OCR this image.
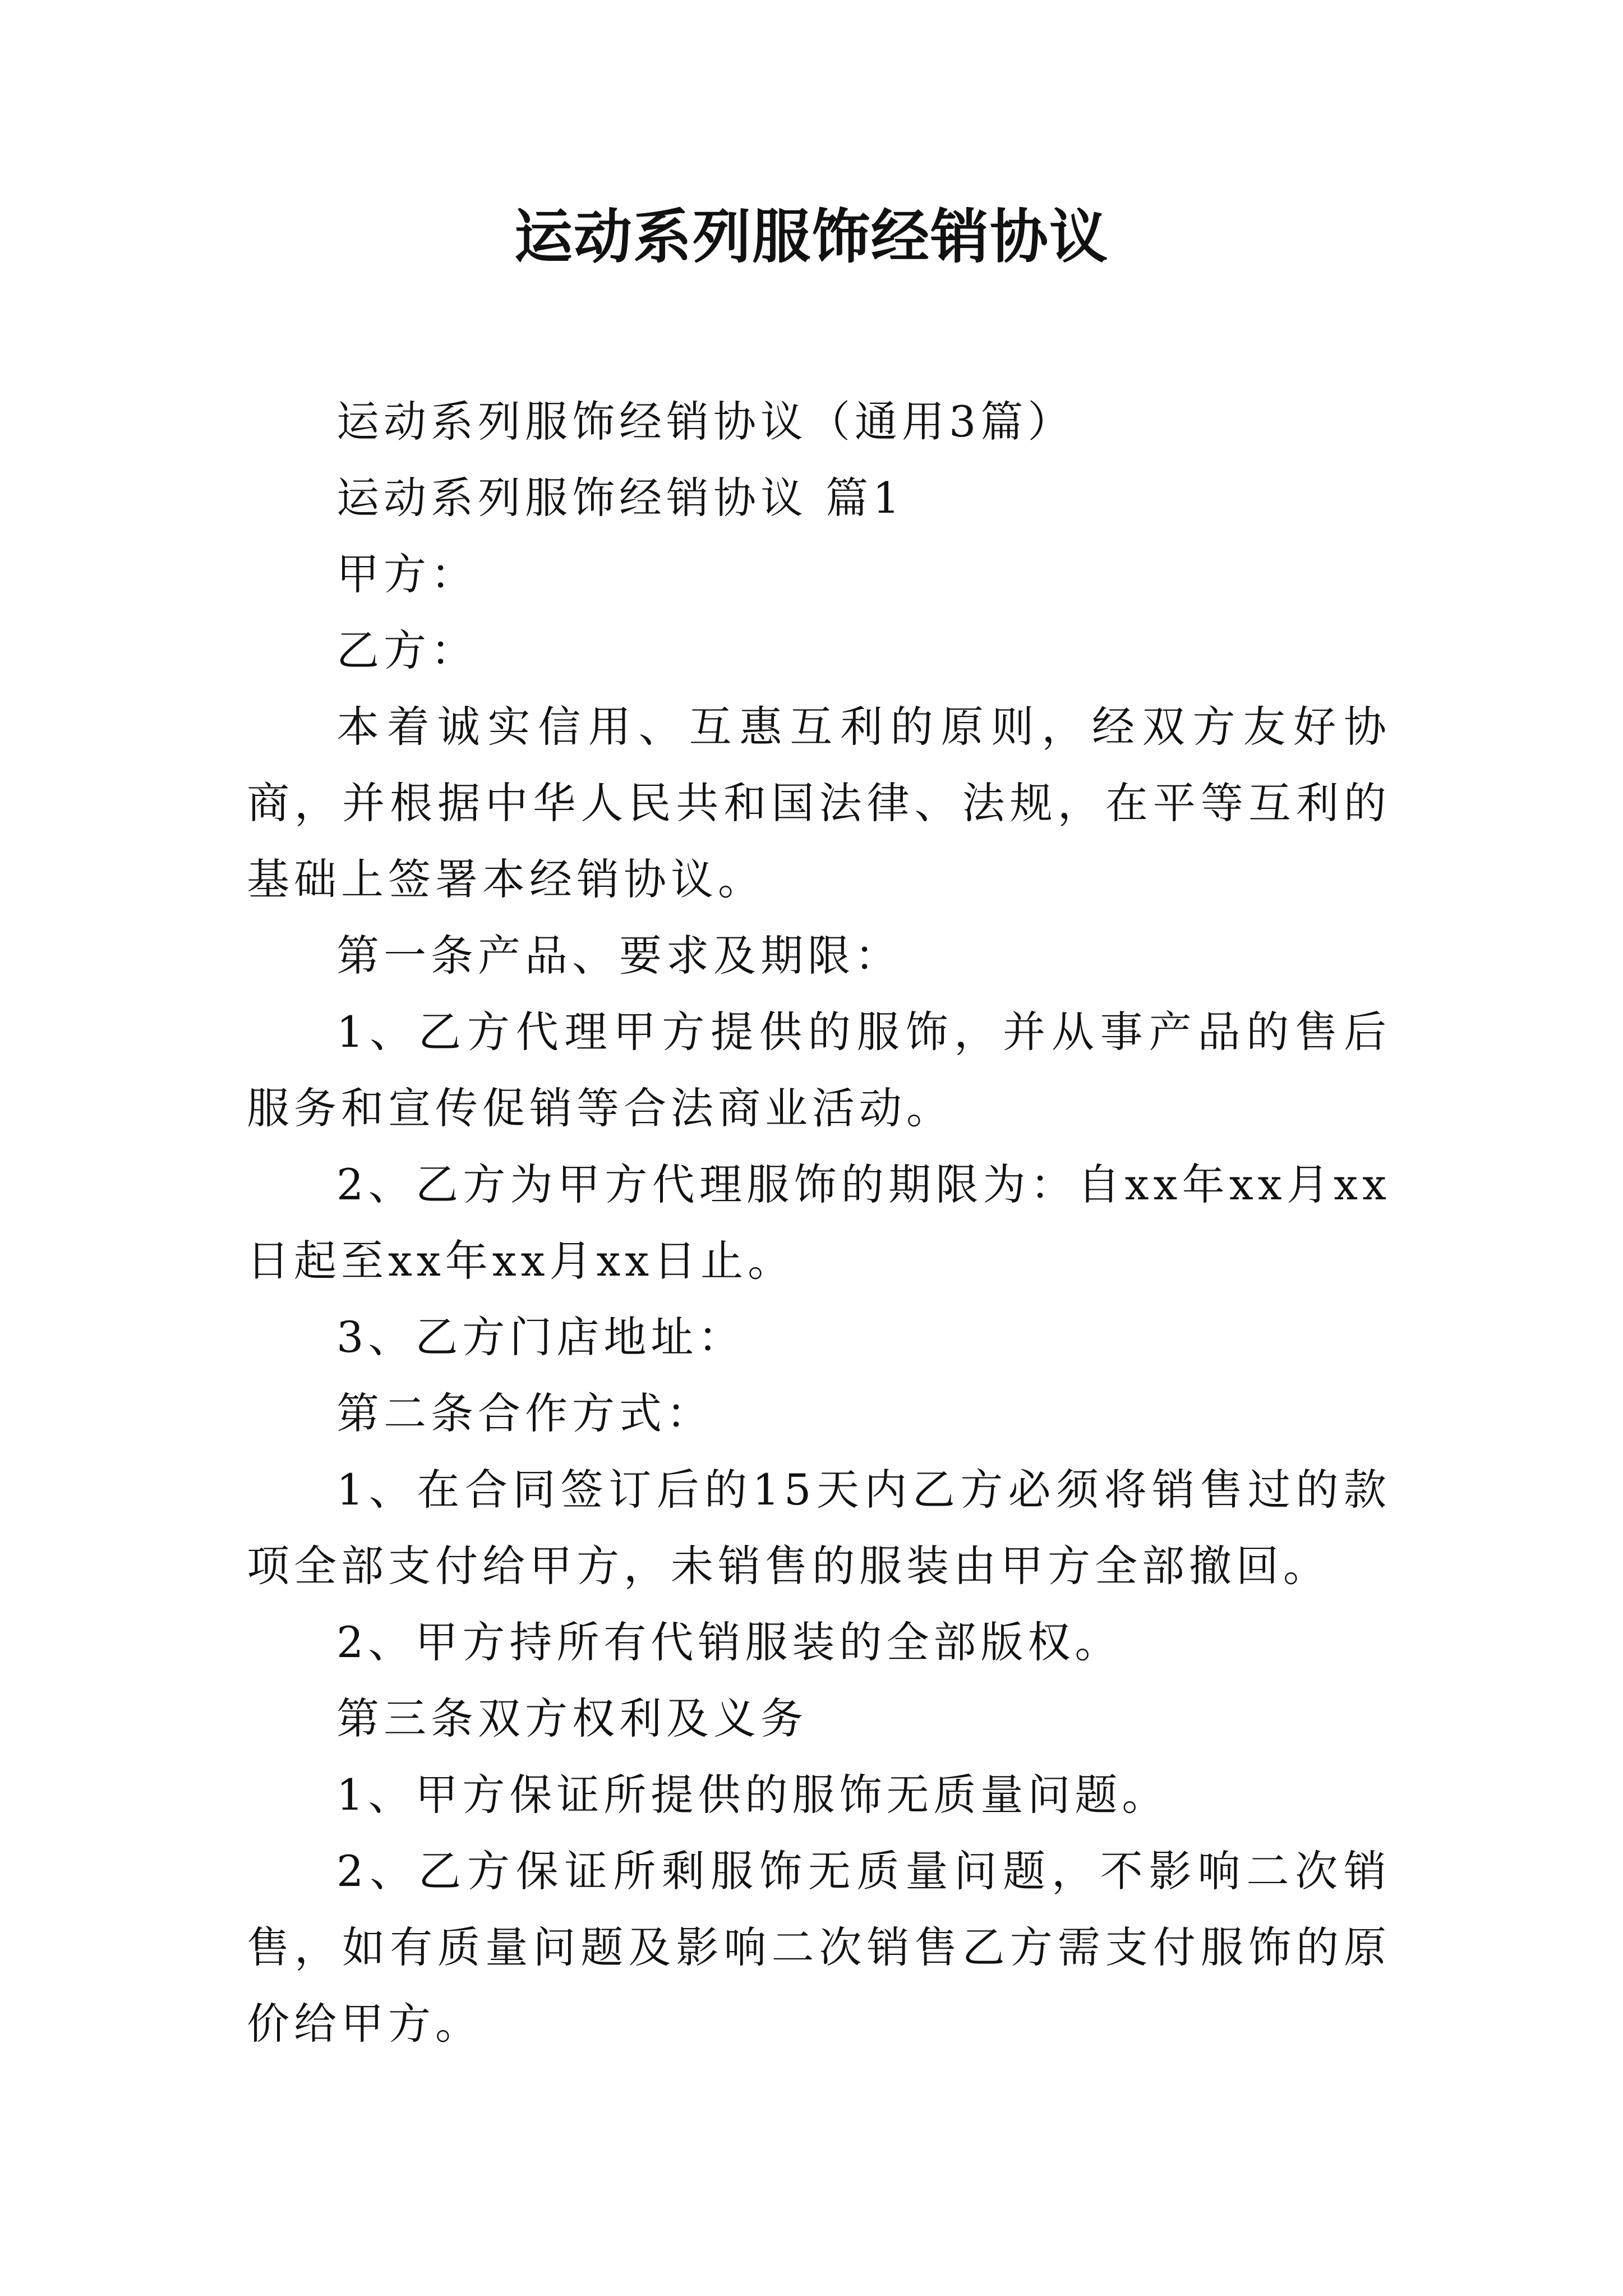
运动系列服饰经销协议

运动系列服饰经销协议（通用3篇）

运动系列服饰经销协议 篇1

甲方：

乙方：

本着诚实信用、互惠互利的原则，经双方友好协商，并根据中华人民共和国法律、法规，在平等互利的基础上签署本经销协议。

第一条产品、要求及期限：

1、乙方代理甲方提供的服饰，并从事产品的售后服务和宣传促销等合法商业活动。

2、乙方为甲方代理服饰的期限为：自xx年xx月xx日起至xx年xx月xx日止。

3、乙方门店地址：

第二条合作方式：

1、在合同签订后的15天内乙方必须将销售过的款项全部支付给甲方，未销售的服装由甲方全部撤回。

2、甲方持所有代销服装的全部版权。

第三条双方权利及义务

1、甲方保证所提供的服饰无质量问题。

2、乙方保证所剩服饰无质量问题，不影响二次销售，如有质量问题及影响二次销售乙方需支付服饰的原价给甲方。
